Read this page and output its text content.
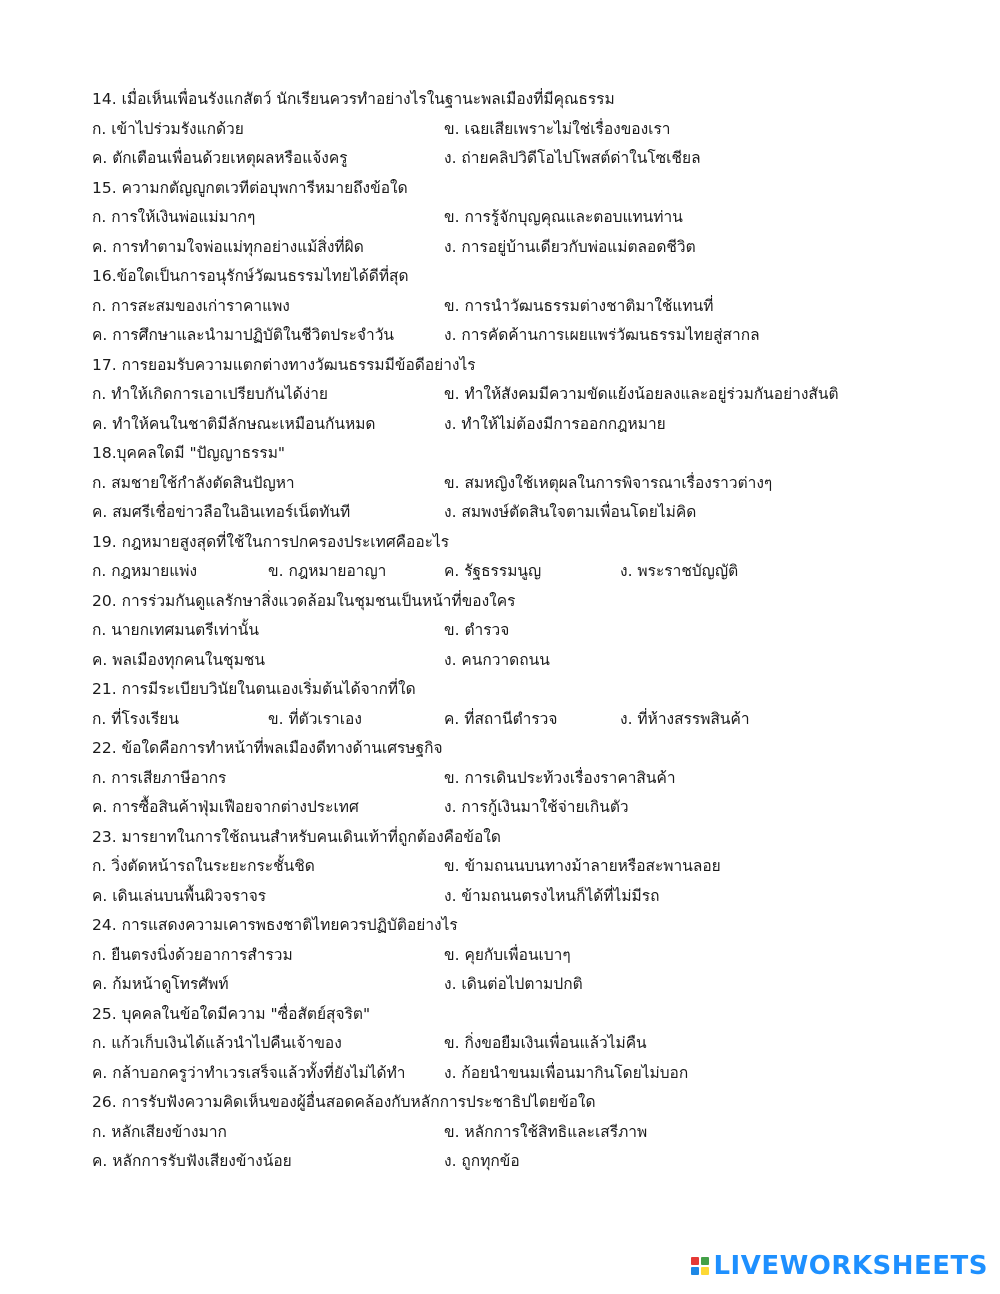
14. เมื่อเห็นเพื่อนรังแกสัตว์ นักเรียนควรทำอย่างไรในฐานะพลเมืองที่มีคุณธรรม
ก. เข้าไปร่วมรังแกด้วย	ข. เฉยเสียเพราะไม่ใช่เรื่องของเรา
ค. ตักเตือนเพื่อนด้วยเหตุผลหรือแจ้งครู	ง. ถ่ายคลิปวิดีโอไปโพสต์ด่าในโซเชียล
15. ความกตัญญูกตเวทีต่อบุพการีหมายถึงข้อใด
ก. การให้เงินพ่อแม่มากๆ	ข. การรู้จักบุญคุณและตอบแทนท่าน
ค. การทำตามใจพ่อแม่ทุกอย่างแม้สิ่งที่ผิด	ง. การอยู่บ้านเดียวกับพ่อแม่ตลอดชีวิต
16.ข้อใดเป็นการอนุรักษ์วัฒนธรรมไทยได้ดีที่สุด
ก. การสะสมของเก่าราคาแพง	ข. การนำวัฒนธรรมต่างชาติมาใช้แทนที่
ค. การศึกษาและนำมาปฏิบัติในชีวิตประจำวัน	ง. การคัดค้านการเผยแพร่วัฒนธรรมไทยสู่สากล
17. การยอมรับความแตกต่างทางวัฒนธรรมมีข้อดีอย่างไร
ก. ทำให้เกิดการเอาเปรียบกันได้ง่าย	ข. ทำให้สังคมมีความขัดแย้งน้อยลงและอยู่ร่วมกันอย่างสันติ
ค. ทำให้คนในชาติมีลักษณะเหมือนกันหมด	ง. ทำให้ไม่ต้องมีการออกกฎหมาย
18.บุคคลใดมี "ปัญญาธรรม"
ก. สมชายใช้กำลังตัดสินปัญหา	ข. สมหญิงใช้เหตุผลในการพิจารณาเรื่องราวต่างๆ
ค. สมศรีเชื่อข่าวลือในอินเทอร์เน็ตทันที	ง. สมพงษ์ตัดสินใจตามเพื่อนโดยไม่คิด
19. กฎหมายสูงสุดที่ใช้ในการปกครองประเทศคืออะไร
ก. กฎหมายแพ่ง	ข. กฎหมายอาญา	ค. รัฐธรรมนูญ	ง. พระราชบัญญัติ
20. การร่วมกันดูแลรักษาสิ่งแวดล้อมในชุมชนเป็นหน้าที่ของใคร
ก. นายกเทศมนตรีเท่านั้น	ข. ตำรวจ
ค. พลเมืองทุกคนในชุมชน	ง. คนกวาดถนน
21. การมีระเบียบวินัยในตนเองเริ่มต้นได้จากที่ใด
ก. ที่โรงเรียน	ข. ที่ตัวเราเอง	ค. ที่สถานีตำรวจ	ง. ที่ห้างสรรพสินค้า
22. ข้อใดคือการทำหน้าที่พลเมืองดีทางด้านเศรษฐกิจ
ก. การเสียภาษีอากร	ข. การเดินประท้วงเรื่องราคาสินค้า
ค. การซื้อสินค้าฟุ่มเฟือยจากต่างประเทศ	ง. การกู้เงินมาใช้จ่ายเกินตัว
23. มารยาทในการใช้ถนนสำหรับคนเดินเท้าที่ถูกต้องคือข้อใด
ก. วิ่งตัดหน้ารถในระยะกระชั้นชิด	ข. ข้ามถนนบนทางม้าลายหรือสะพานลอย
ค. เดินเล่นบนพื้นผิวจราจร	ง. ข้ามถนนตรงไหนก็ได้ที่ไม่มีรถ
24. การแสดงความเคารพธงชาติไทยควรปฏิบัติอย่างไร
ก. ยืนตรงนิ่งด้วยอาการสำรวม	ข. คุยกับเพื่อนเบาๆ
ค. ก้มหน้าดูโทรศัพท์	ง. เดินต่อไปตามปกติ
25. บุคคลในข้อใดมีความ "ซื่อสัตย์สุจริต"
ก. แก้วเก็บเงินได้แล้วนำไปคืนเจ้าของ	ข. กิ่งขอยืมเงินเพื่อนแล้วไม่คืน
ค. กล้าบอกครูว่าทำเวรเสร็จแล้วทั้งที่ยังไม่ได้ทำ ง. ก้อยนำขนมเพื่อนมากินโดยไม่บอก
26. การรับฟังความคิดเห็นของผู้อื่นสอดคล้องกับหลักการประชาธิปไตยข้อใด
ก. หลักเสียงข้างมาก	ข. หลักการใช้สิทธิและเสรีภาพ
ค. หลักการรับฟังเสียงข้างน้อย	ง. ถูกทุกข้อ
LIVEWORKSHEETS
